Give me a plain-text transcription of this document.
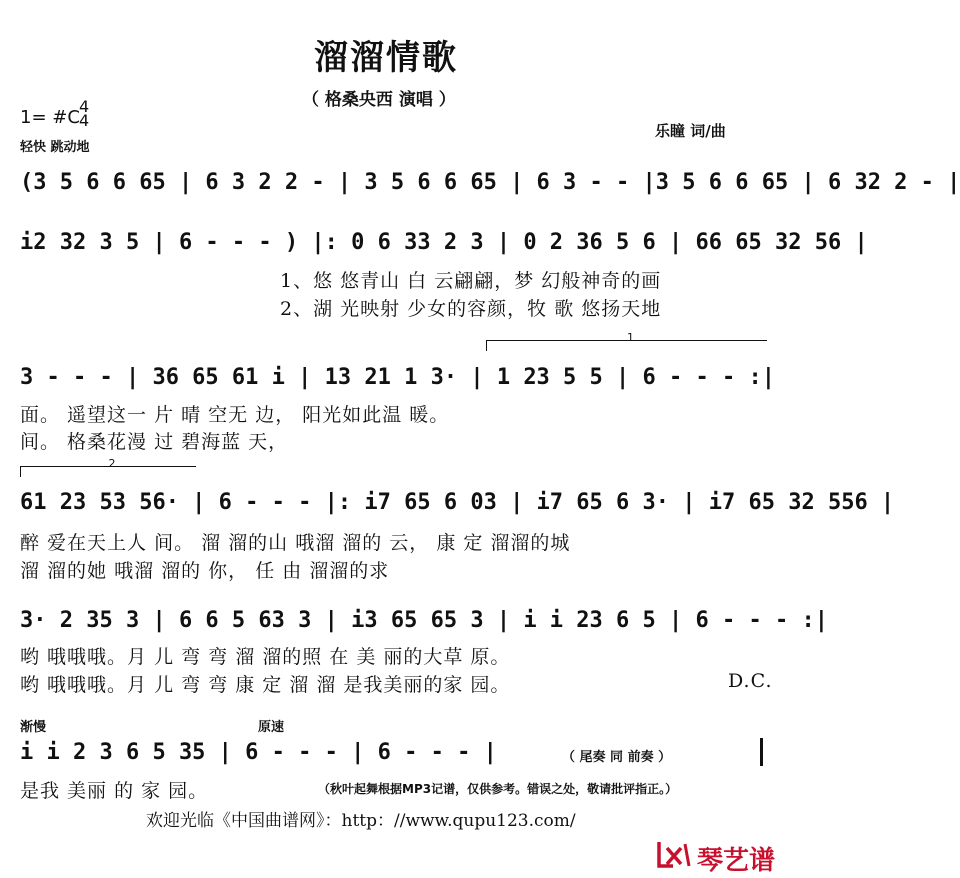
溜溜情歌
（ 格桑央西 演唱 ）
1= #C
4
4
轻快 跳动地
乐瞳 词/曲
(3 5 6 6 65 | 6 3 2 2 - | 3 5 6 6 65 | 6 3 - - |3 5 6 6 65 | 6 32 2 - |
i2 32 3 5 | 6 - - - ) |: 0 6 33 2 3 | 0 2 36 5 6 | 66 65 32 56 |
1、悠 悠青山 白 云翩翩，梦 幻般神奇的画
2、湖 光映射 少女的容颜，牧 歌 悠扬天地
1
3 - - - | 36 65 61 i | 13 21 1 3· | 1 23 5 5 | 6 - - - :|
面。 遥望这一 片 晴 空无 边， 阳光如此温 暖。
间。 格桑花漫 过 碧海蓝 天，
2
61 23 53 56· | 6 - - - |: i7 65 6 03 | i7 65 6 3· | i7 65 32 556 |
醉 爱在天上人 间。 溜 溜的山 哦溜 溜的 云， 康 定 溜溜的城
溜 溜的她 哦溜 溜的 你， 任 由 溜溜的求
3· 2 35 3 | 6 6 5 63 3 | i3 65 65 3 | i i 23 6 5 | 6 - - - :|
哟 哦哦哦。月 儿 弯 弯 溜 溜的照 在 美 丽的大草 原。
哟 哦哦哦。月 儿 弯 弯 康 定 溜 溜 是我美丽的家 园。	D.C.
渐慢	原速
i i 2 3 6 5 35 | 6 - - - | 6 - - - |	（ 尾奏 同 前奏 ）
是我 美丽 的 家 园。	（秋叶起舞根据MP3记谱，仅供参考。错误之处，敬请批评指正。）
欢迎光临《中国曲谱网》：http：//www.qupu123.com/
琴艺谱
